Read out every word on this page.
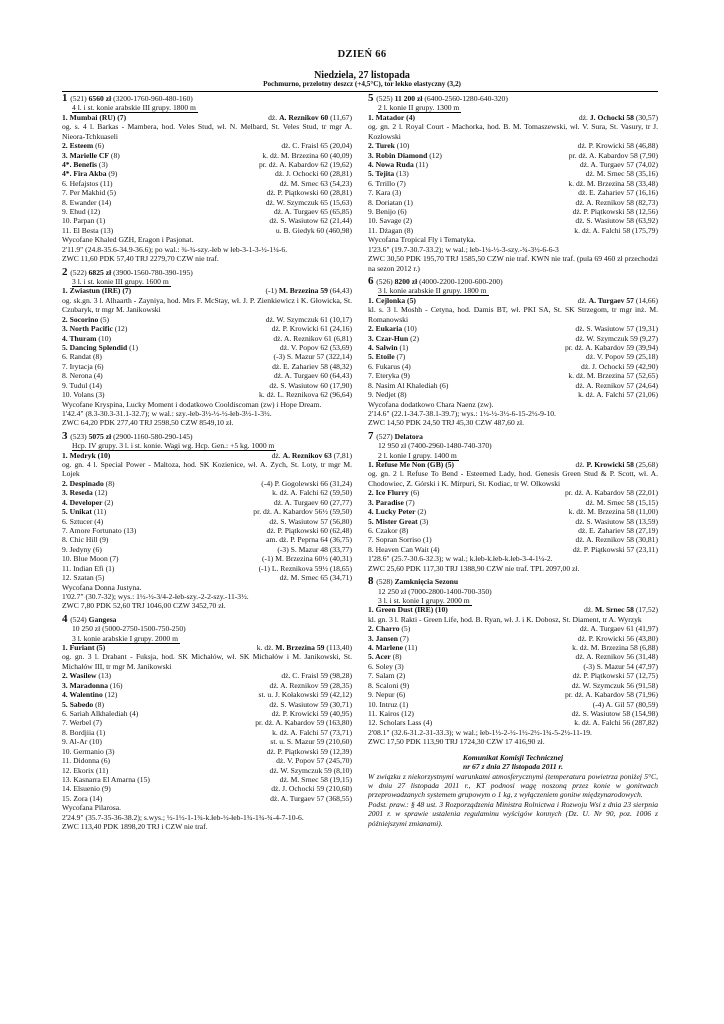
DZIEŃ 66
Niedziela, 27 listopada
Pochmurno, przelotny deszcz (+4,5°C), tor lekko elastyczny (3,2)
1 (521) 6560 zł (3200-1760-960-480-160)
4 l. i st. konie arabskie III grupy. 1800 m
1. Mumbai (RU) (7)	dż. A. Reznikov 60 (11,67)
og. s. 4 l. Barkas - Mambera, hod. Veles Stud, wł. N. Melbard, St. Veles Stud, tr mgr A. Nieora-Tchkuaseli
2. Esteem (6)	dż. C. Fraisl 65 (20,04)
3. Marielle CF (8)	k. dż. M. Brzezina 60 (40,09)
4*. Benefis (3)	pr. dż. A. Kabardov 62 (19,62)
4*. Fira Akba (9)	dż. J. Ochocki 60 (28,81)
6. Hefajstos (11)	dż. M. Srnec 63 (54,23)
7. Per Makhid (5)	dż. P. Piątkowski 60 (28,81)
8. Ewander (14)	dż. W. Szymczuk 65 (15,63)
9. Ehud (12)	dż. A. Turgaev 65 (65,85)
10. Parpan (1)	dż. S. Wasiutow 62 (21,44)
11. El Besta (13)	u. B. Giedyk 60 (460,98)
Wycofane Khaled GZH, Eragon i Pasjonat.
2'11.9" (24.8-35.6-34.9-36.6); po wal.: ¾-¾-szy.-łeb w łeb-3-1-3-½-1¼-6.
ZWC 11,60 PDK 57,40 TRJ 2279,70 CZW nie traf.
2 (522) 6825 zł (3900-1560-780-390-195)
3 l. i st. konie III grupy. 1600 m
1. Zwiastun (IRE) (7)	(-1) M. Brzezina 59 (64,43)
og. sk.gn. 3 l. Alhaarth - Zayniya, hod. Mrs F. McStay, wł. J. P. Zienkiewicz i K. Głowicka, St. Czubaryk, tr mgr M. Janikowski
2. Socorino (5)	dż. W. Szymczuk 61 (10,17)
3. North Pacific (12)	dż. P. Krowicki 61 (24,16)
4. Thuram (10)	dż. A. Reznikov 61 (6,81)
5. Dancing Splendid (1)	dż. V. Popov 62 (53,69)
6. Randat (8)	(-3) S. Mazur 57 (322,14)
7. Irytacja (6)	dż. E. Zahariev 58 (48,32)
8. Nerona (4)	dż. A. Turgaev 60 (64,43)
9. Tudul (14)	dż. S. Wasiutow 60 (17,90)
10. Volans (3)	k. dż. L. Reznikova 62 (96,64)
Wycofane Kryspina, Lucky Moment i dodatkowo Cooldiscoman (zw) i Hope Dream.
1'42.4" (8.3-30.3-31.1-32.7); w wal.: szy.-łeb-3½-½-½-łeb-3½-1-3½.
ZWC 64,20 PDK 277,40 TRJ 2598,50 CZW 8549,10 zł.
3 (523) 5075 zł (2900-1160-580-290-145)
Hcp. IV grupy. 3 l. i st. konie. Wagi wg. Hcp. Gen.: +5 kg. 1000 m
1. Medryk (10)	dż. A. Reznikov 63 (7,81)
og. gn. 4 l. Special Power - Maltoza, hod. SK Kozienice, wł. A. Zych, St. Loty, tr mgr M. Lojek
2. Despinado (8)	(-4) P. Gogolewski 66 (31,24)
3. Reseda (12)	k. dż. A. Falchi 62 (59,50)
4. Developer (2)	dż. A. Turgaev 60 (27,77)
5. Unikat (11)	pr. dż. A. Kabardov 56½ (59,50)
6. Sztucer (4)	dż. S. Wasiutow 57 (56,80)
7. Amore Fortunato (13)	dż. P. Piątkowski 60 (62,48)
8. Chic Hill (9)	am. dż. P. Peprna 64 (36,75)
9. Jedyny (6)	(-3) S. Mazur 48 (33,77)
10. Blue Moon (7)	(-1) M. Brzezina 60½ (40,31)
11. Indian Efi (1)	(-1) L. Reznikova 59½ (18,65)
12. Szatan (5)	dż. M. Srnec 65 (34,71)
Wycofana Donna Justyna.
1'02.7" (30.7-32); wys.: 1½-½-3/4-2-łeb-szy.-2-2-szy.-11-3½.
ZWC 7,80 PDK 52,60 TRJ 1046,00 CZW 3452,70 zł.
4 (524) Gangesa
10 250 zł (5000-2750-1500-750-250)
3 l. konie arabskie I grupy. 2000 m
1. Furiant (5)	k. dż. M. Brzezina 59 (113,40)
og. gn. 3 l. Drabant - Fuksja, hod. SK Michałów, wł. SK Michałów i M. Janikowski, St. Michałów III, tr mgr M. Janikowski
2. Wasilew (13)	dż. C. Fraisl 59 (98,28)
3. Maradonna (16)	dż. A. Reznikov 59 (28,35)
4. Walentino (12)	st. u. J. Kołakowski 59 (42,12)
5. Sabedo (8)	dż. S. Wasiutow 59 (30,71)
6. Sariah Alkhalediah (4)	dż. P. Krowicki 59 (40,95)
7. Werbel (7)	pr. dż. A. Kabardov 59 (163,80)
8. Bordjiia (1)	k. dż. A. Falchi 57 (73,71)
9. Al-Ar (10)	st. u. S. Mazur 59 (210,60)
10. Germanio (3)	dż. P. Piątkowski 59 (12,39)
11. Didonna (6)	dż. V. Popov 57 (245,70)
12. Ekorix (11)	dż. W. Szymczuk 59 (8,10)
13. Kasnarra El Amarna (15)	dż. M. Srnec 58 (19,15)
14. Elsuenio (9)	dż. J. Ochocki 59 (210,60)
15. Zora (14)	dż. A. Turgaev 57 (368,55)
Wycofana Pilarosa.
2'24.9" (35.7-35-36-38.2); s.wys.; ½-1½-1-1¾-k.łeb-½-łeb-1¾-1¾-¾-4-7-10-6.
ZWC 113,40 PDK 1898,20 TRJ i CZW nie traf.
5 (525) 11 200 zł (6400-2560-1280-640-320)
2 l. konie II grupy. 1300 m
1. Matador (4)	dż. J. Ochocki 58 (30,57)
og. gn. 2 l. Royal Court - Machorka, hod. B. M. Tomaszewski, wł. V. Sura, St. Vasury, tr J. Kozłowski
2. Turek (10)	dż. P. Krowicki 58 (46,88)
3. Robin Diamond (12)	pr. dż. A. Kabardov 58 (7,90)
4. Nowa Ruda (11)	dż. A. Turgaev 57 (74,02)
5. Tejita (13)	dż. M. Srnec 58 (35,16)
6. Trrillo (7)	k. dż. M. Brzezina 58 (33,48)
7. Kara (3)	dż. E. Zahariev 57 (16,16)
8. Doriatan (1)	dż. A. Reznikov 58 (82,73)
9. Benijo (6)	dż. P. Piątkowski 58 (12,56)
10. Savage (2)	dż. S. Wasiutow 58 (63,92)
11. Dżagan (8)	k. dż. A. Falchi 58 (175,79)
Wycofana Tropical Fly i Tematyka.
1'23.6" (19.7-30.7-33.2); w wal.; łeb-1¼-½-3-szy.-¾-3½-6-6-3
ZWC 30,50 PDK 195,70 TRJ 1585,50 CZW nie traf. KWN nie traf. (pula 69 460 zł przechodzi na sezon 2012 r.)
6 (526) 8200 zł (4000-2200-1200-600-200)
3 l. konie arabskie II grupy. 1800 m
1. Cejlonka (5)	dż. A. Turgaev 57 (14,66)
kl. s. 3 l. Moshh - Cetyna, hod. Damis BT, wł. PKI SA, St. SK Strzegom, tr mgr inż. M. Romanowski
2. Eukaria (10)	dż. S. Wasiutow 57 (19,31)
3. Czar-Hun (2)	dż. W. Szymczuk 59 (9,27)
4. Salwin (1)	pr. dż. A. Kabardov 59 (39,94)
5. Etoile (7)	dż. V. Popov 59 (25,18)
6. Fukarus (4)	dż. J. Ochocki 59 (42,90)
7. Eteryka (9)	k. dż. M. Brzezina 57 (52,65)
8. Nasim Al Khalediah (6)	dż. A. Reznikov 57 (24,64)
9. Nedjet (8)	k. dż. A. Falchi 57 (21,06)
Wycofana dodatkowo Chara Naenz (zw).
2'14.6" (22.1-34.7-38.1-39.7); wys.: 1½-½-3½-6-15-2½-9-10.
ZWC 14,50 PDK 24,50 TRJ 45,30 CZW 487,60 zł.
7 (527) Delatora
12 950 zł (7400-2960-1480-740-370)
2 l. konie I grupy. 1400 m
1. Refuse Me Non (GB) (5)	dż. P. Krowicki 58 (25,68)
og. gn. 2 l. Refuse To Bend - Esteemed Lady, hod. Genesis Green Stud & P. Scott, wł. A. Chodowiec, Z. Górski i K. Mirpuri, St. Kodiac, tr W. Olkowski
2. Ice Flurry (6)	pr. dż. A. Kabardov 58 (22,01)
3. Paradise (7)	dż. M. Srnec 58 (15,15)
4. Lucky Peter (2)	k. dż. M. Brzezina 58 (11,00)
5. Mister Great (3)	dż. S. Wasiutow 58 (13,59)
6. Czakor (8)	dż. E. Zahariev 58 (27,19)
7. Sopran Sorriso (1)	dż. A. Reznikov 58 (30,81)
8. Heaven Can Wait (4)	dż. P. Piątkowski 57 (23,11)
1'28.6" (25.7-30.6-32.3); w wal.; k.łeb-k.łeb-k.łeb-3-4-1¼-2.
ZWC 25,60 PDK 117,30 TRJ 1388,90 CZW nie traf. TPL 2097,00 zł.
8 (528) Zamknięcia Sezonu
12 250 zł (7000-2800-1400-700-350)
3 l. i st. konie I grupy. 2000 m
1. Green Dust (IRE) (10)	dż. M. Srnec 58 (17,52)
kl. gn. 3 l. Rakti - Green Life, hod. B. Ryan, wł. J. i K. Dobosz, St. Diament, tr A. Wyrzyk
2. Charro (5)	dż. A. Turgaev 61 (41,97)
3. Jansen (7)	dż. P. Krowicki 56 (43,80)
4. Marlene (11)	k. dż. M. Brzezina 58 (6,88)
5. Acer (8)	dż. A. Reznikov 56 (31,48)
6. Soley (3)	(-3) S. Mazur 54 (47,97)
7. Salam (2)	dż. P. Piątkowski 57 (12,75)
8. Scaloni (9)	dż. W. Szymczuk 56 (91,58)
9. Nepur (6)	pr. dż. A. Kabardov 58 (71,96)
10. Intruz (1)	(-4) A. Gil 57 (80,59)
11. Kairos (12)	dż. S. Wasiutow 58 (154,98)
12. Scholars Lass (4)	k. dż. A. Falchi 56 (287,82)
2'08.1" (32.6-31.2-31-33.3); w wal.; łeb-1½-2-½-1½-2½-1¾-5-2½-11-19.
ZWC 17,50 PDK 113,90 TRJ 1724,30 CZW 17 416,90 zł.
Komunikat Komisji Technicznej
nr 67 z dnia 27 listopada 2011 r.
W związku z niekorzystnymi warunkami atmosferycznymi (temperatura powietrza poniżej 5°C, w dniu 27 listopada 2011 r., KT podnosi wagę noszoną przez konie w gonitwach przeprowadzanych systemem grupowym o 1 kg, z wyłączeniem gonitw międzynarodowych.
Podst. praw.: § 48 ust. 3 Rozporządzenia Ministra Rolnictwa i Rozwoju Wsi z dnia 23 sierpnia 2001 r. w sprawie ustalenia regulaminu wyścigów konnych (Dz. U. Nr 90, poz. 1006 z późniejszymi zmianami).
